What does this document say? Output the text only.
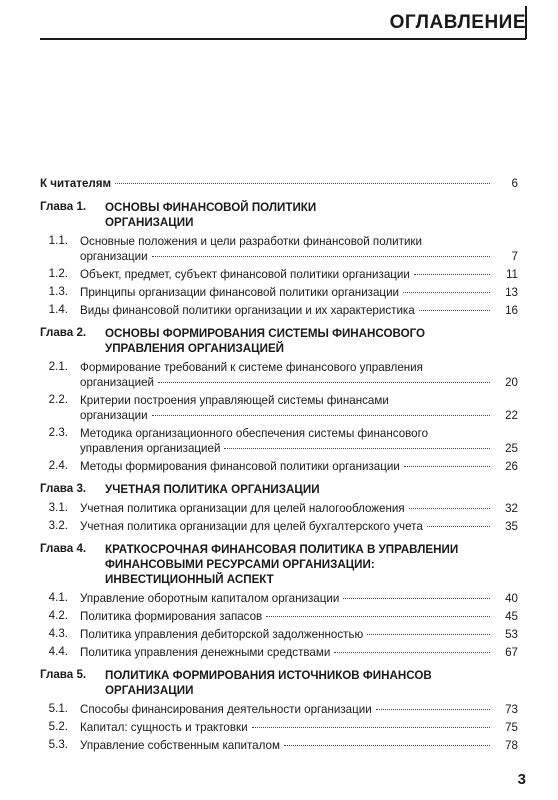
ОГЛАВЛЕНИЕ
К читателям	6
Глава 1.	ОСНОВЫ ФИНАНСОВОЙ ПОЛИТИКИ
ОРГАНИЗАЦИИ
1.1.	Основные положения и цели разработки финансовой политики
организации	7
1.2.	Объект, предмет, субъект финансовой политики организации	11
1.3.	Принципы организации финансовой политики организации	13
1.4.	Виды финансовой политики организации и их характеристика	16
Глава 2.	ОСНОВЫ ФОРМИРОВАНИЯ СИСТЕМЫ ФИНАНСОВОГО
УПРАВЛЕНИЯ ОРГАНИЗАЦИЕЙ
2.1.	Формирование требований к системе финансового управления
организацией	20
2.2.	Критерии построения управляющей системы финансами
организации	22
2.3.	Методика организационного обеспечения системы финансового
управления организацией	25
2.4.	Методы формирования финансовой политики организации	26
Глава 3.	УЧЕТНАЯ ПОЛИТИКА ОРГАНИЗАЦИИ
3.1.	Учетная политика организации для целей налогообложения	32
3.2.	Учетная политика организации для целей бухгалтерского учета	35
Глава 4.	КРАТКОСРОЧНАЯ ФИНАНСОВАЯ ПОЛИТИКА В УПРАВЛЕНИИ
ФИНАНСОВЫМИ РЕСУРСАМИ ОРГАНИЗАЦИИ:
ИНВЕСТИЦИОННЫЙ АСПЕКТ
4.1.	Управление оборотным капиталом организации	40
4.2.	Политика формирования запасов	45
4.3.	Политика управления дебиторской задолженностью	53
4.4.	Политика управления денежными средствами	67
Глава 5.	ПОЛИТИКА ФОРМИРОВАНИЯ ИСТОЧНИКОВ ФИНАНСОВ
ОРГАНИЗАЦИИ
5.1.	Способы финансирования деятельности организации	73
5.2.	Капитал: сущность и трактовки	75
5.3.	Управление собственным капиталом	78
3
